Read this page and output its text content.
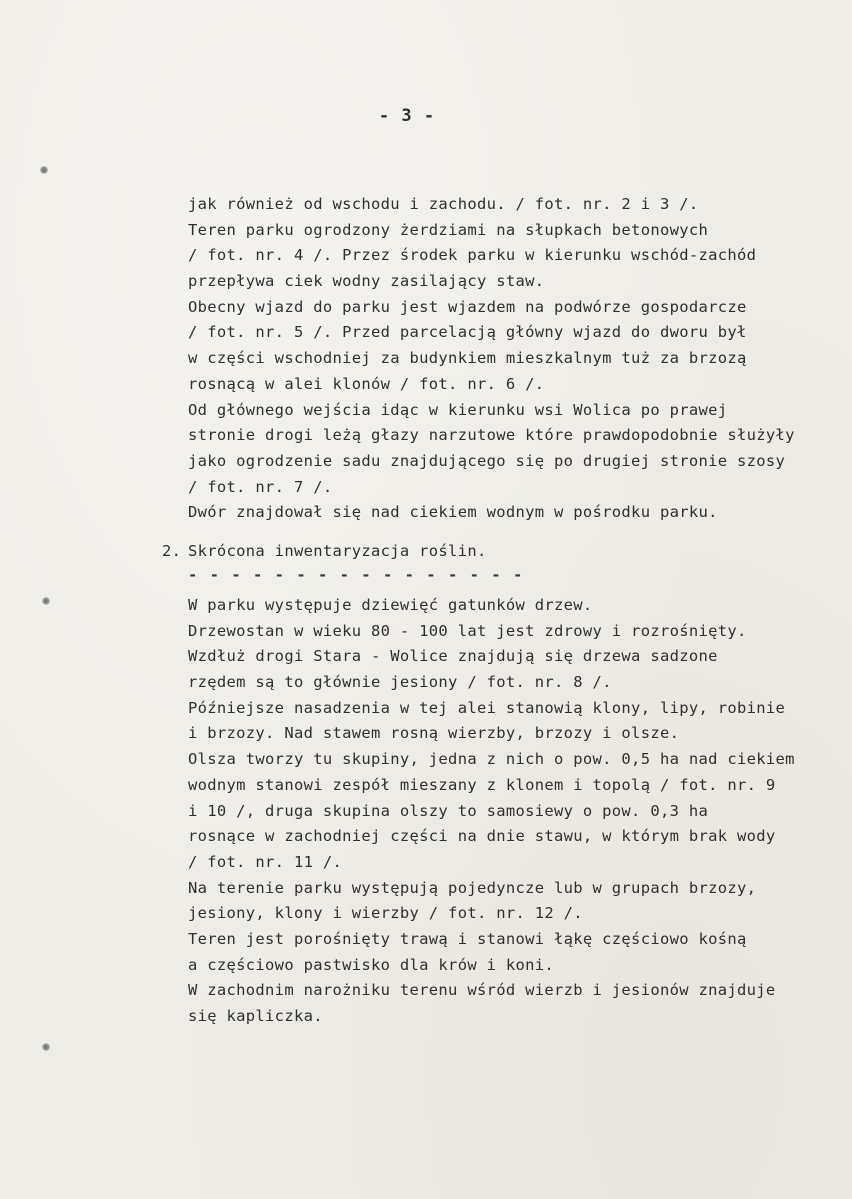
- 3 -
jak również od wschodu i zachodu. / fot. nr. 2 i 3 /.
Teren parku ogrodzony żerdziami na słupkach betonowych
/ fot. nr. 4 /. Przez środek parku w kierunku wschód-zachód
przepływa ciek wodny zasilający staw.
Obecny wjazd do parku jest wjazdem na podwórze gospodarcze
/ fot. nr. 5 /. Przed parcelacją główny wjazd do dworu był
w części wschodniej za budynkiem mieszkalnym tuż za brzozą
rosnącą w alei klonów / fot. nr. 6 /.
Od głównego wejścia idąc w kierunku wsi Wolica po prawej
stronie drogi leżą głazy narzutowe które prawdopodobnie służyły
jako ogrodzenie sadu znajdującego się po drugiej stronie szosy
/ fot. nr. 7 /.
Dwór znajdował się nad ciekiem wodnym w pośrodku parku.
2. Skrócona inwentaryzacja roślin.
- - - - - - - - - - - - - - - -
W parku występuje dziewięć gatunków drzew.
Drzewostan w wieku 80 - 100 lat jest zdrowy i rozrośnięty.
Wzdłuż drogi Stara - Wolice znajdują się drzewa sadzone
rzędem są to głównie jesiony / fot. nr. 8 /.
Późniejsze nasadzenia w tej alei stanowią klony, lipy, robinie
i brzozy. Nad stawem rosną wierzby, brzozy i olsze.
Olsza tworzy tu skupiny, jedna z nich o pow. 0,5 ha nad ciekiem
wodnym stanowi zespół mieszany z klonem i topolą / fot. nr. 9
i 10 /, druga skupina olszy to samosiewy o pow. 0,3 ha
rosnące w zachodniej części na dnie stawu, w którym brak wody
/ fot. nr. 11 /.
Na terenie parku występują pojedyncze lub w grupach brzozy,
jesiony, klony i wierzby / fot. nr. 12 /.
Teren jest porośnięty trawą i stanowi łąkę częściowo kośną
a częściowo pastwisko dla krów i koni.
W zachodnim narożniku terenu wśród wierzb i jesionów znajduje
się kapliczka.
